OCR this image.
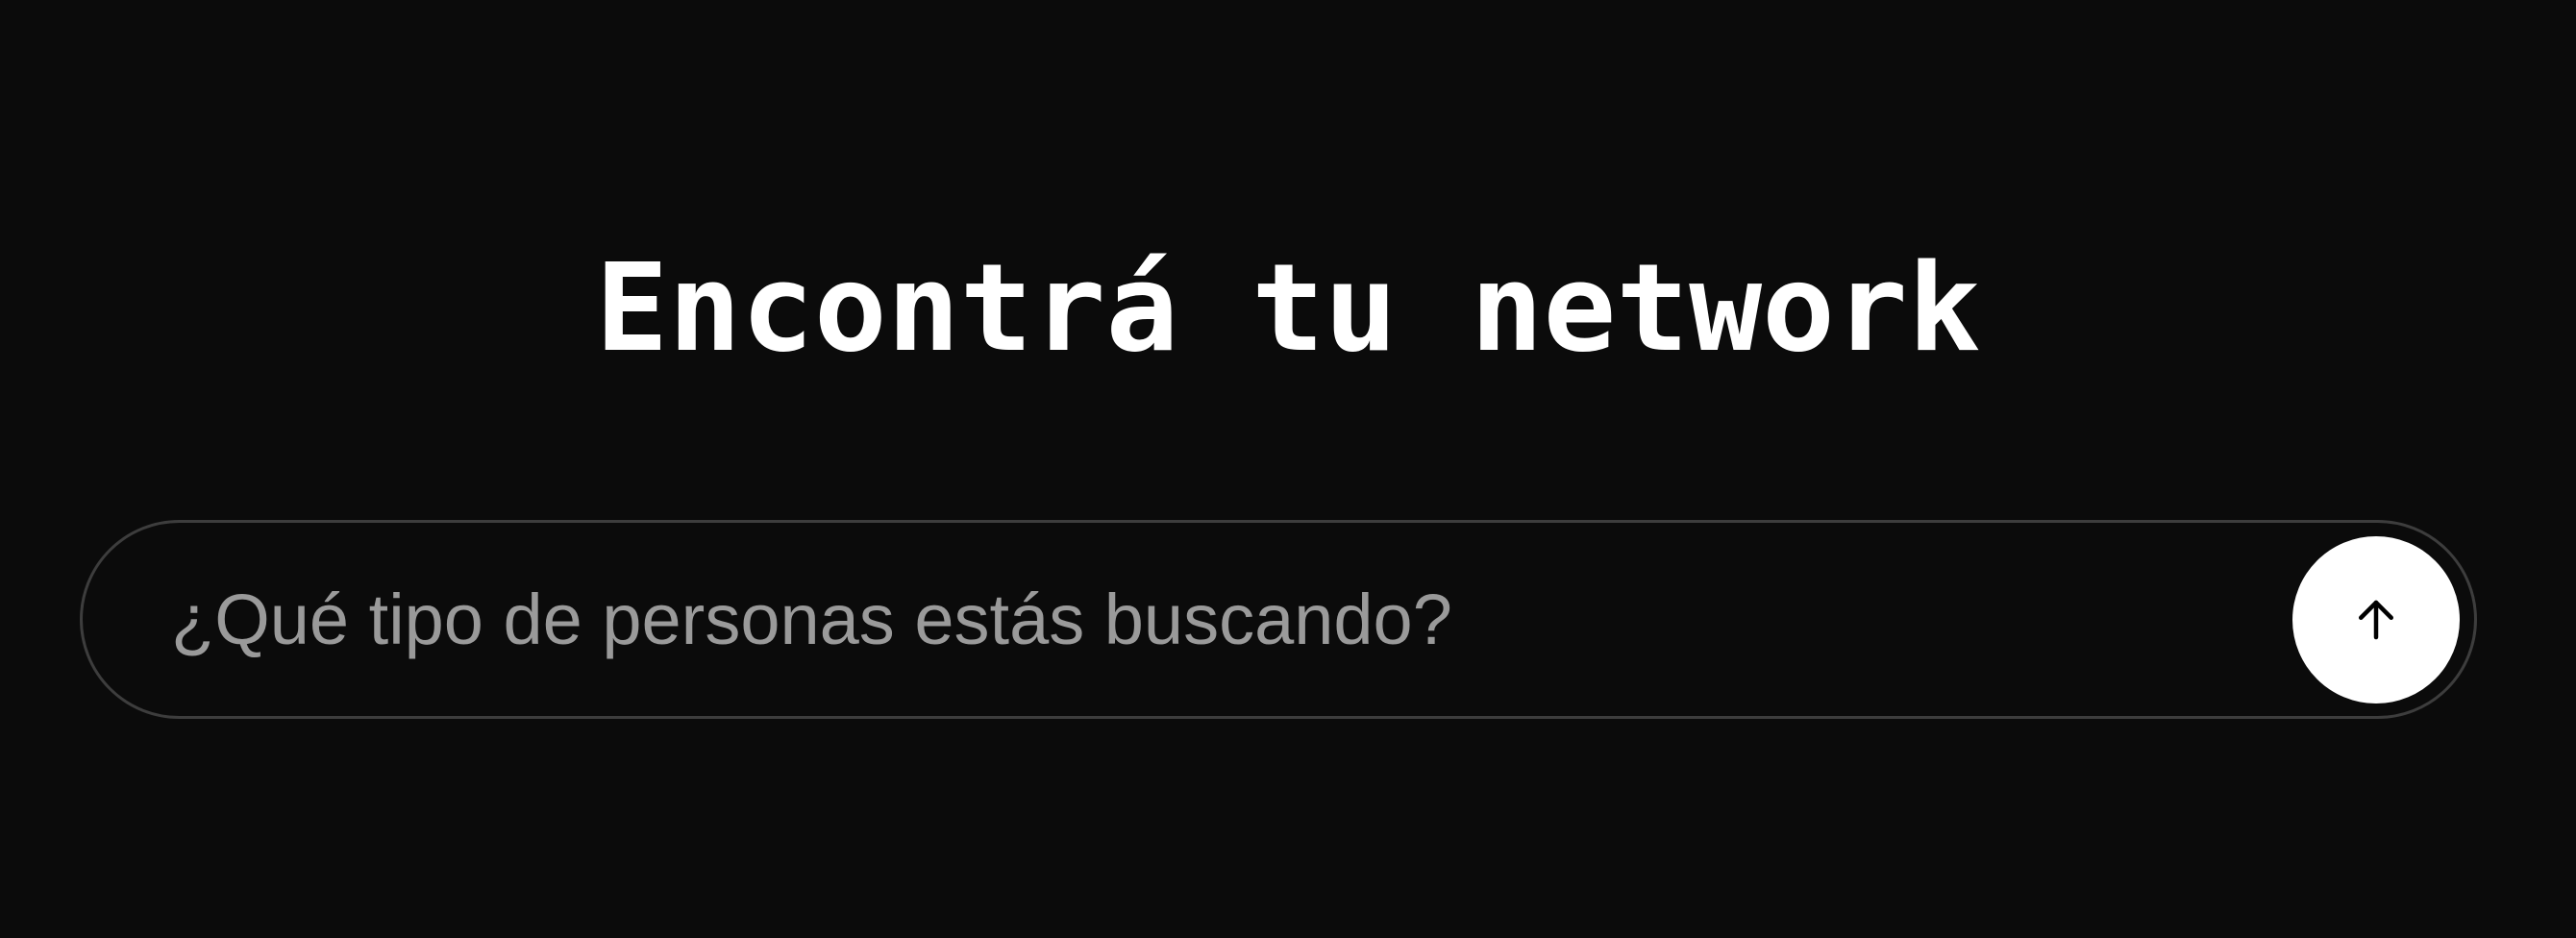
Encontrá tu network
¿Qué tipo de personas estás buscando?
